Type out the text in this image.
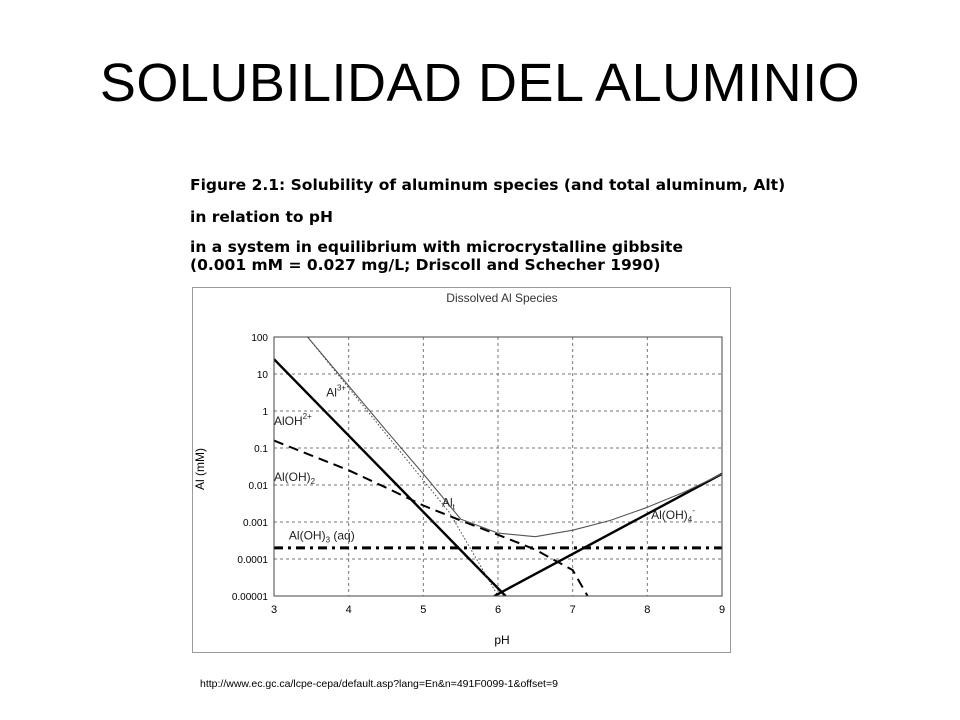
SOLUBILIDAD DEL ALUMINIO
Figure 2.1: Solubility of aluminum species (and total aluminum, Alt)
in relation to pH
in a system in equilibrium with microcrystalline gibbsite
(0.001 mM = 0.027 mg/L; Driscoll and Schecher 1990)
Dissolved Al Species
3	4	5	6	7	8	9
0.00001
0.0001
0.001
0.01
0.1
1
10
100
$Al^{3+}$
AlOH$^{2+}$
$Al(OH)_2$
$Al_t$
$Al(OH)_4^-$
$Al(OH)_3$ (aq)
pH
Al (mM)
http://www.ec.gc.ca/lcpe-cepa/default.asp?lang=En&n=491F0099-1&offset=9
